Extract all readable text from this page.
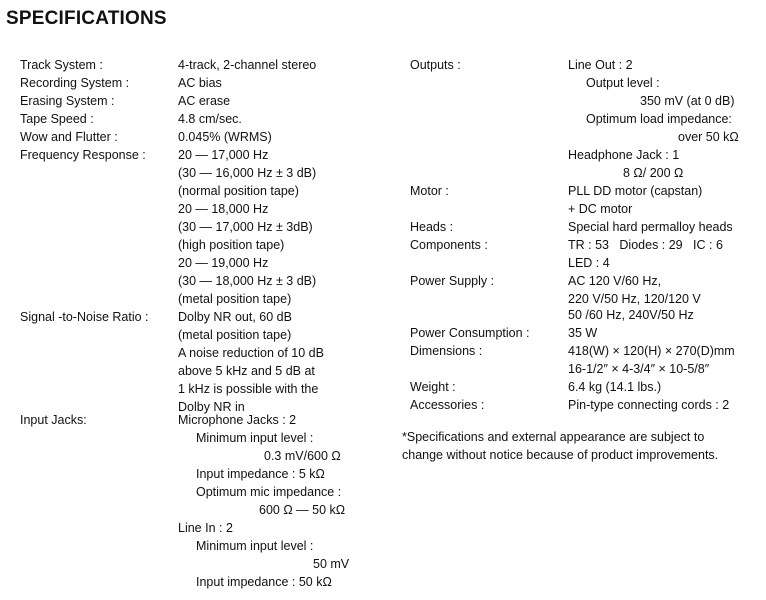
SPECIFICATIONS
Track System :
Recording System :
Erasing System :
Tape Speed :
Wow and Flutter :
Frequency Response :
Signal -to-Noise Ratio :
Input Jacks:
4-track, 2-channel stereo
AC bias
AC erase
4.8 cm/sec.
0.045% (WRMS)
20 — 17,000 Hz
(30 — 16,000 Hz ± 3 dB)
(normal position tape)
20 — 18,000 Hz
(30 — 17,000 Hz ± 3dB)
(high position tape)
20 — 19,000 Hz
(30 — 18,000 Hz ± 3 dB)
(metal position tape)
Dolby NR out, 60 dB
(metal position tape)
A noise reduction of 10 dB
above 5 kHz and 5 dB at
1 kHz is possible with the
Dolby NR in
Microphone Jacks : 2
Minimum input level :
0.3 mV/600 Ω
Input impedance : 5 kΩ
Optimum mic impedance :
600 Ω — 50 kΩ
Line In : 2
Minimum input level :
50 mV
Input impedance : 50 kΩ
Outputs :
Motor :
Heads :
Components :
Power Supply :
Power Consumption :
Dimensions :
Weight :
Accessories :
Line Out : 2
Output level :
350 mV (at 0 dB)
Optimum load impedance:
over 50 kΩ
Headphone Jack : 1
8 Ω/ 200 Ω
PLL DD motor (capstan)
+ DC motor
Special hard permalloy heads
TR : 53   Diodes : 29   IC : 6
LED : 4
AC 120 V/60 Hz,
220 V/50 Hz, 120/120 V
50 /60 Hz, 240V/50 Hz
35 W
418(W) × 120(H) × 270(D)mm
16-1/2″ × 4-3/4″ × 10-5/8″
6.4 kg (14.1 lbs.)
Pin-type connecting cords : 2

*Specifications and external appearance are subject to

change without notice because of product improvements.
